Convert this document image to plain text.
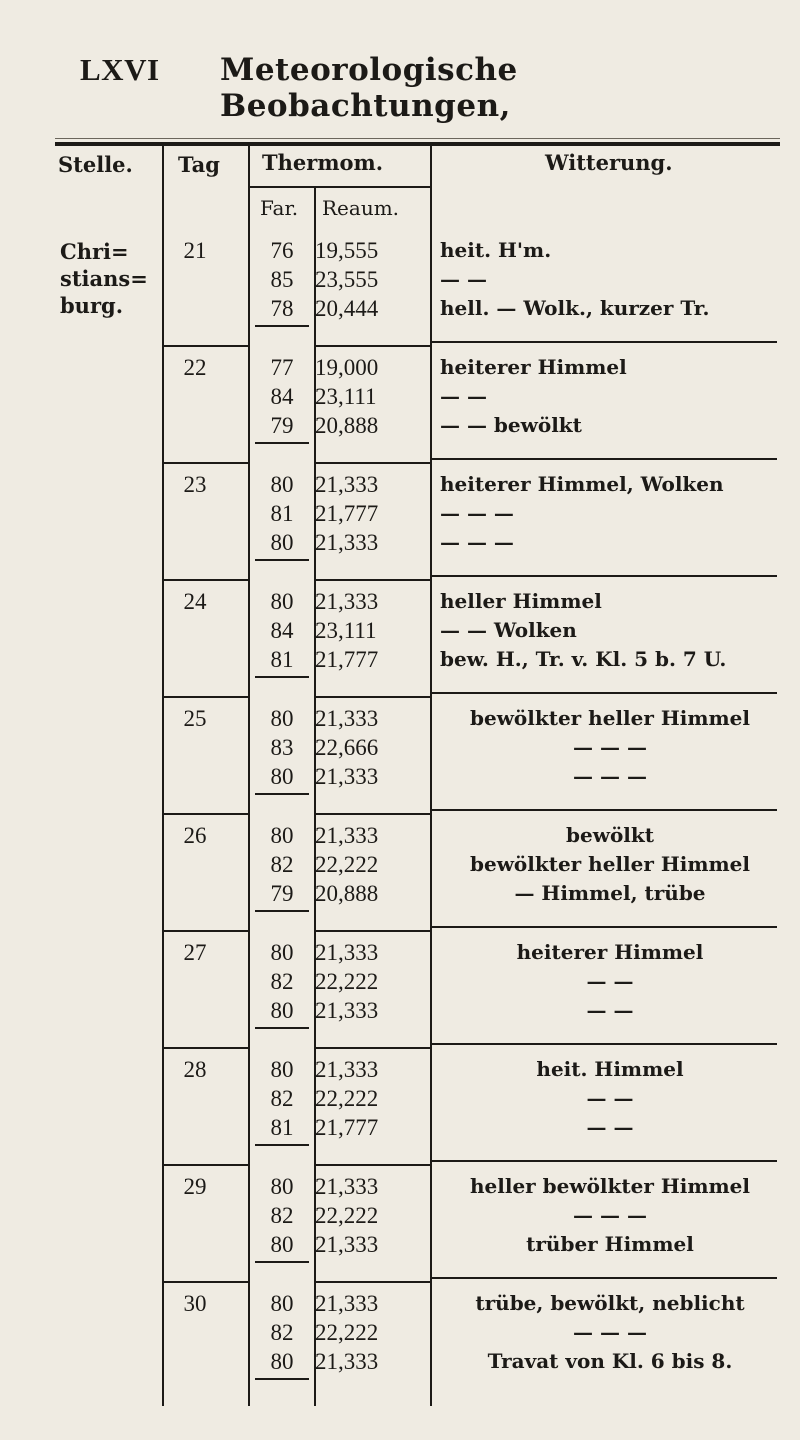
LXVI Meteorologische Beobachtungen,
Stelle. Tag Thermom.	Witterung.
Far. Reaum.
Chri=
stians=
burg.
21	76 19,555	heit. H'm.
85 23,555	— —
78 20,444	hell. — Wolk., kurzer Tr.
22	77 19,000	heiterer Himmel
84 23,111	— —
79 20,888	— — bewölkt
23	80 21,333	heiterer Himmel, Wolken
81 21,777	— — —
80 21,333	— — —
24	80 21,333	heller Himmel
84 23,111	— — Wolken
81 21,777	bew. H., Tr. v. Kl. 5 b. 7 U.
25	80 21,333	bewölkter heller Himmel
83 22,666	— — —
80 21,333	— — —
26	80 21,333	bewölkt
82 22,222	bewölkter heller Himmel
79 20,888	— Himmel, trübe
27	80 21,333	heiterer Himmel
82 22,222	— —
80 21,333	— —
28	80 21,333	heit. Himmel
82 22,222	— —
81 21,777	— —
29	80 21,333	heller bewölkter Himmel
82 22,222	— — —
80 21,333	trüber Himmel
30	80 21,333	trübe, bewölkt, neblicht
82 22,222	— — —
80 21,333	Travat von Kl. 6 bis 8.
